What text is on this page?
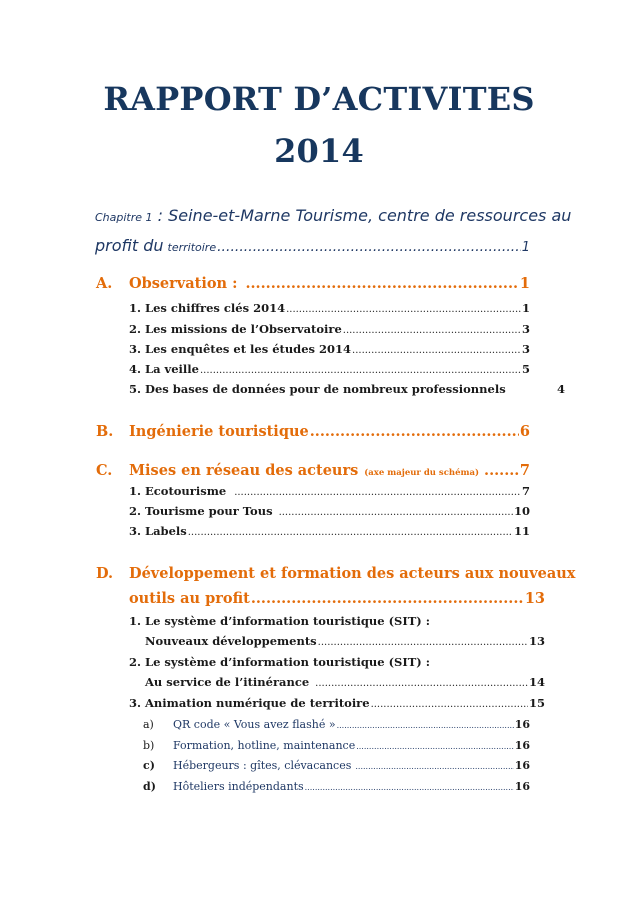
RAPPORT D’ACTIVITES
2014
Chapitre 1 : Seine-et-Marne Tourisme, centre de ressources au
profit du territoire .....	1
A.	Observation : .....	1
1. Les chiffres clés 2014 .....	1
2. Les missions de l’Observatoire .....	3
3. Les enquêtes et les études 2014 .....	3
4. La veille .....	5
5. Des bases de données pour de nombreux professionnels	4
B.	Ingénierie touristique .....	6
C.	Mises en réseau des acteurs (axe majeur du schéma) .....	7
1. Ecotourisme .....	7
2. Tourisme pour Tous .....	10
3. Labels .....	11
D.	Développement et formation des acteurs aux nouveaux
outils au profit .....	13
1. Le système d’information touristique (SIT) :
Nouveaux développements .....	13
2. Le système d’information touristique (SIT) :
Au service de l’itinérance .....	14
3. Animation numérique de territoire .....	15
a)	QR code « Vous avez flashé » .....	16
b)	Formation, hotline, maintenance .....	16
c)	Hébergeurs : gîtes, clévacances .....	16
d)	Hôteliers indépendants .....	16
